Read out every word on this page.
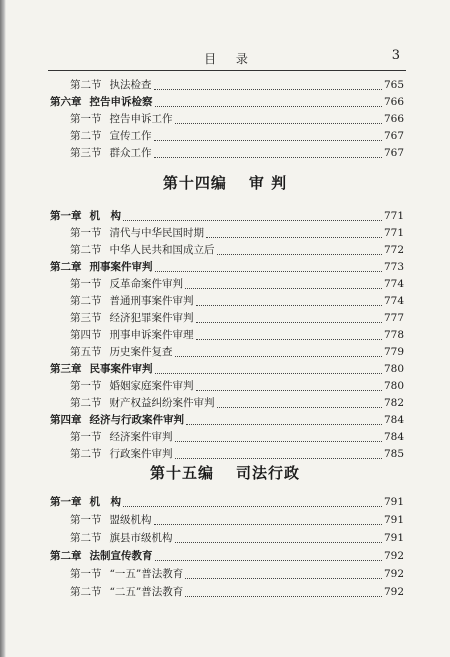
目 录	3
第十四编 审 判
第十五编 司法行政
第二节 执法检查	765
第六章 控告申诉检察	766
第一节 控告申诉工作	766
第二节 宣传工作	767
第三节 群众工作	767
第一章 机　构	771
第一节 清代与中华民国时期	771
第二节 中华人民共和国成立后	772
第二章 刑事案件审判	773
第一节 反革命案件审判	774
第二节 普通刑事案件审判	774
第三节 经济犯罪案件审判	777
第四节 刑事申诉案件审理	778
第五节 历史案件复查	779
第三章 民事案件审判	780
第一节 婚姻家庭案件审判	780
第二节 财产权益纠纷案件审判	782
第四章 经济与行政案件审判	784
第一节 经济案件审判	784
第二节 行政案件审判	785
第一章 机　构	791
第一节 盟级机构	791
第二节 旗县市级机构	791
第二章 法制宣传教育	792
第一节 “一五”普法教育	792
第二节 “二五”普法教育	792
